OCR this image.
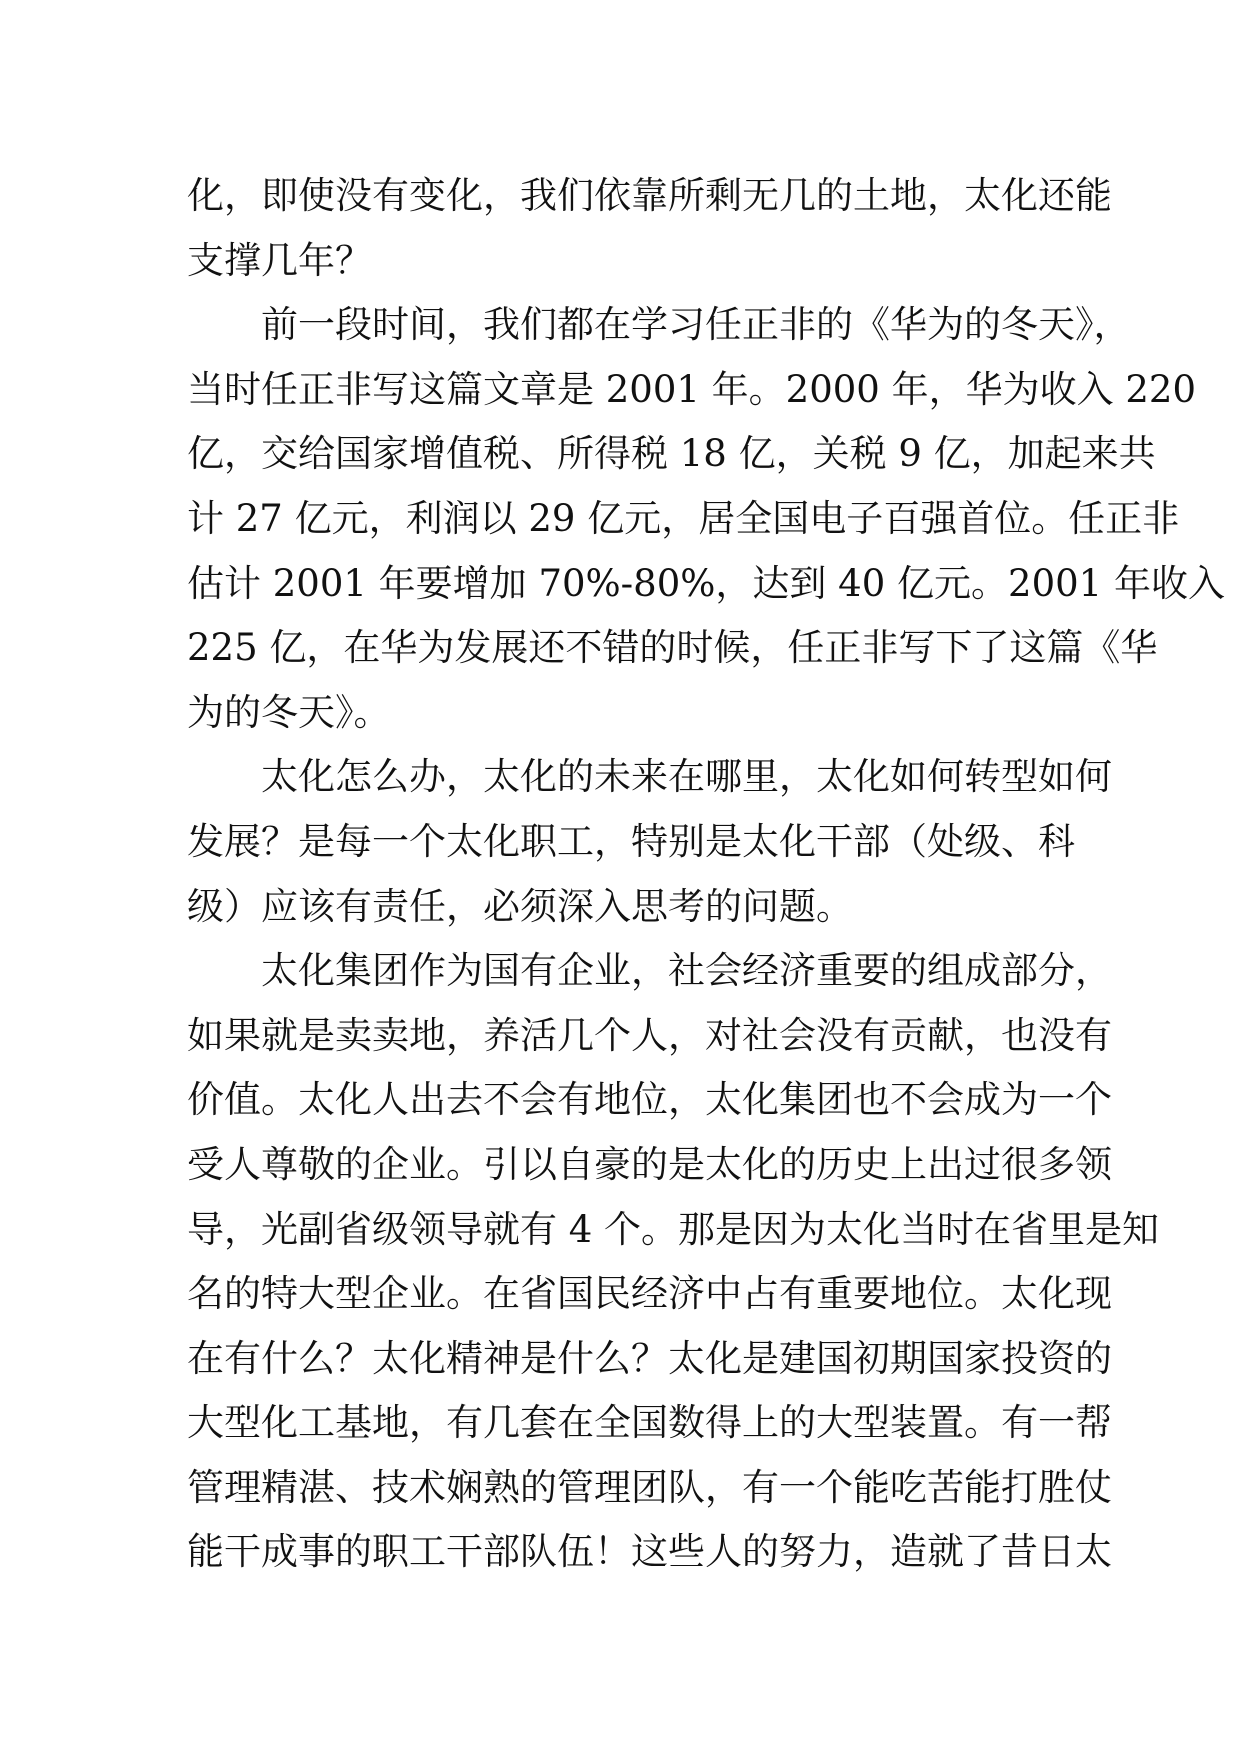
化，即使没有变化，我们依靠所剩无几的土地，太化还能
支撑几年？
前一段时间，我们都在学习任正非的《华为的冬天》，
当时任正非写这篇文章是 2001 年。2000 年，华为收入 220
亿，交给国家增值税、所得税 18 亿，关税 9 亿，加起来共
计 27 亿元，利润以 29 亿元，居全国电子百强首位。任正非
估计 2001 年要增加 70%-80%，达到 40 亿元。2001 年收入
225 亿，在华为发展还不错的时候，任正非写下了这篇《华
为的冬天》。
太化怎么办，太化的未来在哪里，太化如何转型如何
发展？是每一个太化职工，特别是太化干部（处级、科
级）应该有责任，必须深入思考的问题。
太化集团作为国有企业，社会经济重要的组成部分，
如果就是卖卖地，养活几个人，对社会没有贡献，也没有
价值。太化人出去不会有地位，太化集团也不会成为一个
受人尊敬的企业。引以自豪的是太化的历史上出过很多领
导，光副省级领导就有 4 个。那是因为太化当时在省里是知
名的特大型企业。在省国民经济中占有重要地位。太化现
在有什么？太化精神是什么？太化是建国初期国家投资的
大型化工基地，有几套在全国数得上的大型装置。有一帮
管理精湛、技术娴熟的管理团队，有一个能吃苦能打胜仗
能干成事的职工干部队伍！这些人的努力，造就了昔日太
